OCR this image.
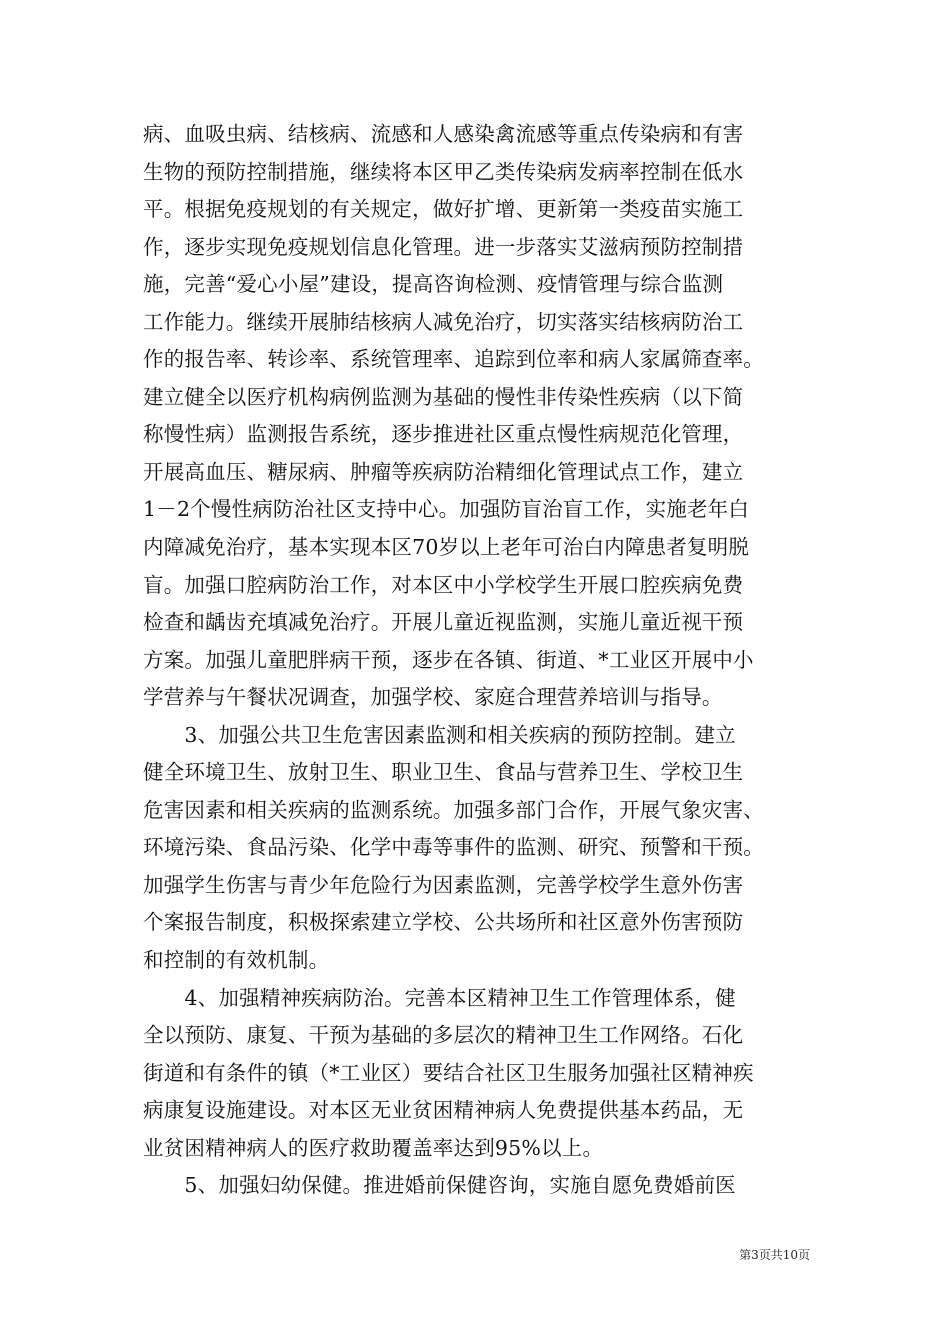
病、血吸虫病、结核病、流感和人感染禽流感等重点传染病和有害
生物的预防控制措施，继续将本区甲乙类传染病发病率控制在低水
平。根据免疫规划的有关规定，做好扩增、更新第一类疫苗实施工
作，逐步实现免疫规划信息化管理。进一步落实艾滋病预防控制措
施，完善“爱心小屋”建设，提高咨询检测、疫情管理与综合监测
工作能力。继续开展肺结核病人减免治疗，切实落实结核病防治工
作的报告率、转诊率、系统管理率、追踪到位率和病人家属筛查率。
建立健全以医疗机构病例监测为基础的慢性非传染性疾病（以下简
称慢性病）监测报告系统，逐步推进社区重点慢性病规范化管理，
开展高血压、糖尿病、肿瘤等疾病防治精细化管理试点工作，建立
1－2个慢性病防治社区支持中心。加强防盲治盲工作，实施老年白
内障减免治疗，基本实现本区70岁以上老年可治白内障患者复明脱
盲。加强口腔病防治工作，对本区中小学校学生开展口腔疾病免费
检查和龋齿充填减免治疗。开展儿童近视监测，实施儿童近视干预
方案。加强儿童肥胖病干预，逐步在各镇、街道、*工业区开展中小
学营养与午餐状况调查，加强学校、家庭合理营养培训与指导。
　　3、加强公共卫生危害因素监测和相关疾病的预防控制。建立
健全环境卫生、放射卫生、职业卫生、食品与营养卫生、学校卫生
危害因素和相关疾病的监测系统。加强多部门合作，开展气象灾害、
环境污染、食品污染、化学中毒等事件的监测、研究、预警和干预。
加强学生伤害与青少年危险行为因素监测，完善学校学生意外伤害
个案报告制度，积极探索建立学校、公共场所和社区意外伤害预防
和控制的有效机制。
　　4、加强精神疾病防治。完善本区精神卫生工作管理体系，健
全以预防、康复、干预为基础的多层次的精神卫生工作网络。石化
街道和有条件的镇（*工业区）要结合社区卫生服务加强社区精神疾
病康复设施建设。对本区无业贫困精神病人免费提供基本药品，无
业贫困精神病人的医疗救助覆盖率达到95%以上。
　　5、加强妇幼保健。推进婚前保健咨询，实施自愿免费婚前医
第3页共10页
